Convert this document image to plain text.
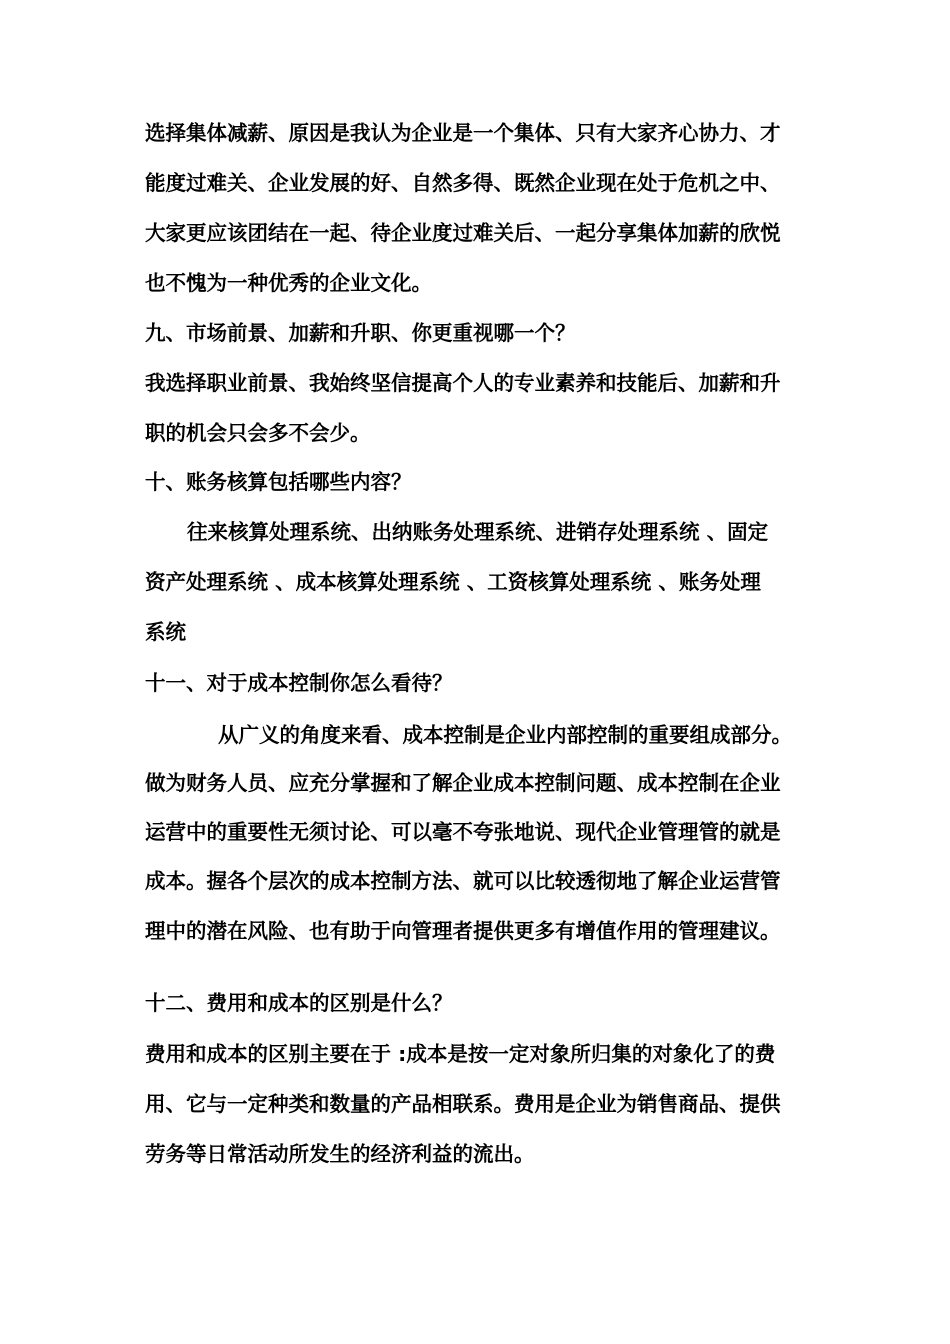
选择集体减薪、原因是我认为企业是一个集体、只有大家齐心协力、才
能度过难关、企业发展的好、自然多得、既然企业现在处于危机之中、
大家更应该团结在一起、待企业度过难关后、一起分享集体加薪的欣悦
也不愧为一种优秀的企业文化。
九、市场前景、加薪和升职、你更重视哪一个？
我选择职业前景、我始终坚信提高个人的专业素养和技能后、加薪和升
职的机会只会多不会少。
十、账务核算包括哪些内容？
往来核算处理系统、出纳账务处理系统、进销存处理系统 、固定
资产处理系统 、成本核算处理系统 、工资核算处理系统 、账务处理
系统
十一、对于成本控制你怎么看待？
从广义的角度来看、成本控制是企业内部控制的重要组成部分。
做为财务人员、应充分掌握和了解企业成本控制问题、成本控制在企业
运营中的重要性无须讨论、可以毫不夸张地说、现代企业管理管的就是
成本。握各个层次的成本控制方法、就可以比较透彻地了解企业运营管
理中的潜在风险、也有助于向管理者提供更多有增值作用的管理建议。
十二、费用和成本的区别是什么？
费用和成本的区别主要在于 :成本是按一定对象所归集的对象化了的费
用、它与一定种类和数量的产品相联系。费用是企业为销售商品、提供
劳务等日常活动所发生的经济利益的流出。
